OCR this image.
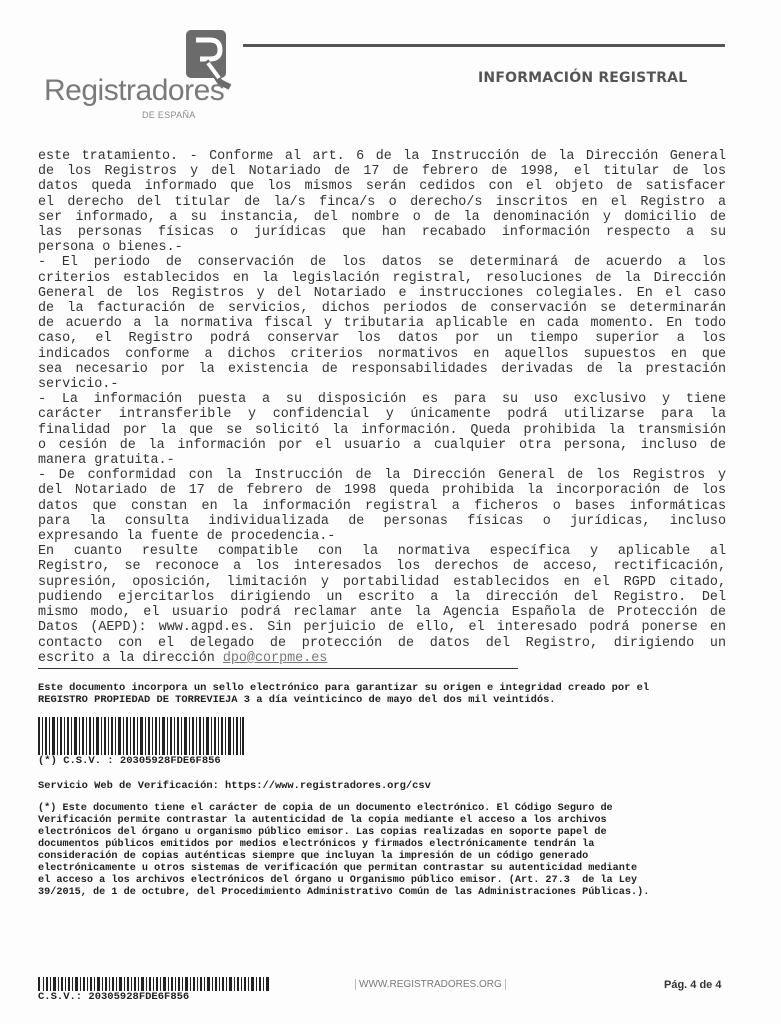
Registradores
DE ESPAÑA
INFORMACIÓN REGISTRAL
este tratamiento. - Conforme al art. 6 de la Instrucción de la Dirección General
de los Registros y del Notariado de 17 de febrero de 1998, el titular de los
datos queda informado que los mismos serán cedidos con el objeto de satisfacer
el derecho del titular de la/s finca/s o derecho/s inscritos en el Registro a
ser informado, a su instancia, del nombre o de la denominación y domicilio de
las personas físicas o jurídicas que han recabado información respecto a su
persona o bienes.-
- El periodo de conservación de los datos se determinará de acuerdo a los
criterios establecidos en la legislación registral, resoluciones de la Dirección
General de los Registros y del Notariado e instrucciones colegiales. En el caso
de la facturación de servicios, dichos periodos de conservación se determinarán
de acuerdo a la normativa fiscal y tributaria aplicable en cada momento. En todo
caso, el Registro podrá conservar los datos por un tiempo superior a los
indicados conforme a dichos criterios normativos en aquellos supuestos en que
sea necesario por la existencia de responsabilidades derivadas de la prestación
servicio.-
- La información puesta a su disposición es para su uso exclusivo y tiene
carácter intransferible y confidencial y únicamente podrá utilizarse para la
finalidad por la que se solicitó la información. Queda prohibida la transmisión
o cesión de la información por el usuario a cualquier otra persona, incluso de
manera gratuita.-
- De conformidad con la Instrucción de la Dirección General de los Registros y
del Notariado de 17 de febrero de 1998 queda prohibida la incorporación de los
datos que constan en la información registral a ficheros o bases informáticas
para la consulta individualizada de personas físicas o jurídicas, incluso
expresando la fuente de procedencia.-
En cuanto resulte compatible con la normativa específica y aplicable al
Registro, se reconoce a los interesados los derechos de acceso, rectificación,
supresión, oposición, limitación y portabilidad establecidos en el RGPD citado,
pudiendo ejercitarlos dirigiendo un escrito a la dirección del Registro. Del
mismo modo, el usuario podrá reclamar ante la Agencia Española de Protección de
Datos (AEPD): www.agpd.es. Sin perjuicio de ello, el interesado podrá ponerse en
contacto con el delegado de protección de datos del Registro, dirigiendo un
escrito a la dirección dpo@corpme.es
Este documento incorpora un sello electrónico para garantizar su origen e integridad creado por el
REGISTRO PROPIEDAD DE TORREVIEJA 3 a día veinticinco de mayo del dos mil veintidós.
(*) C.S.V. : 20305928FDE6F856
Servicio Web de Verificación: https://www.registradores.org/csv
(*) Este documento tiene el carácter de copia de un documento electrónico. El Código Seguro de
Verificación permite contrastar la autenticidad de la copia mediante el acceso a los archivos
electrónicos del órgano u organismo público emisor. Las copias realizadas en soporte papel de
documentos públicos emitidos por medios electrónicos y firmados electrónicamente tendrán la
consideración de copias auténticas siempre que incluyan la impresión de un código generado
electrónicamente u otros sistemas de verificación que permitan contrastar su autenticidad mediante
el acceso a los archivos electrónicos del órgano u Organismo público emisor. (Art. 27.3  de la Ley
39/2015, de 1 de octubre, del Procedimiento Administrativo Común de las Administraciones Públicas.).
C.S.V.: 20305928FDE6F856
WWW.REGISTRADORES.ORG	Pág. 4 de 4
